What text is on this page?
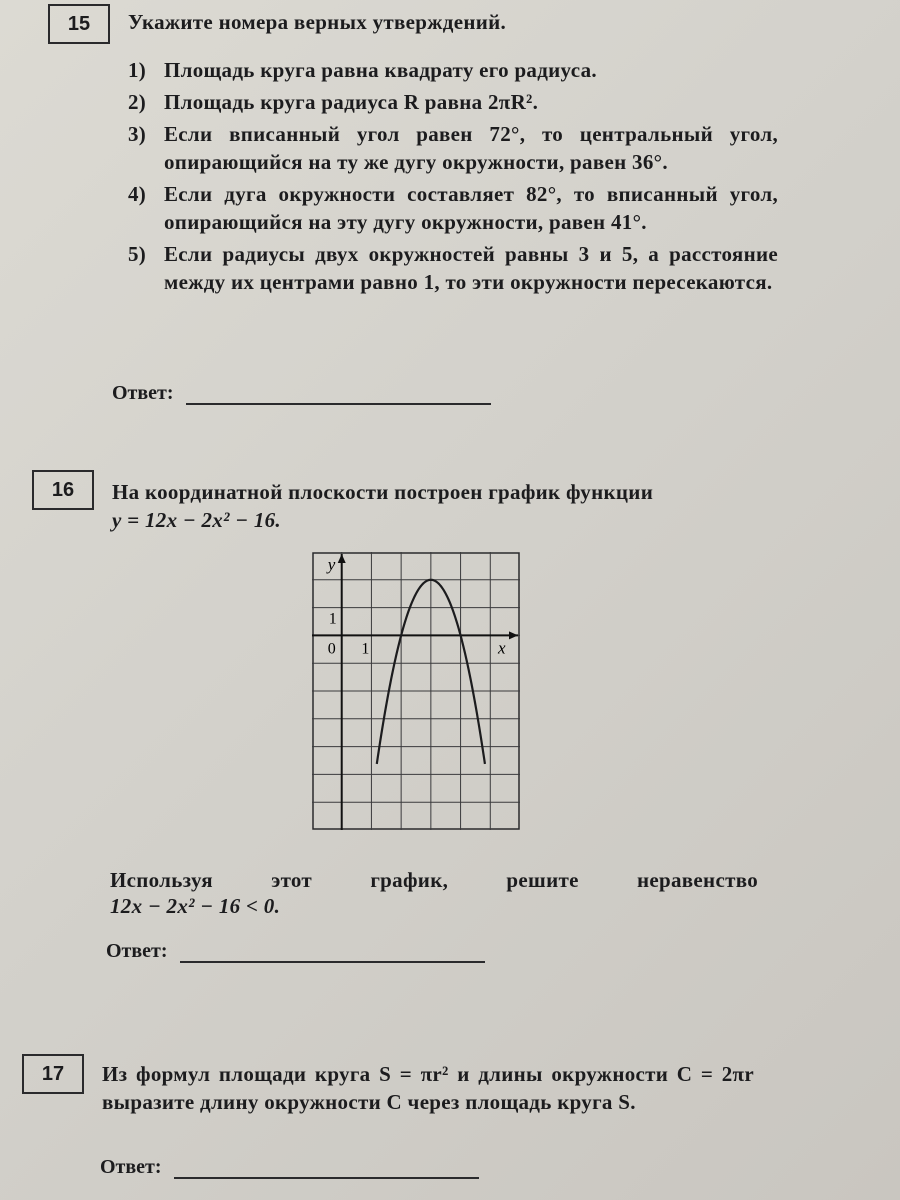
15	Укажите номера верных утверждений.
1) Площадь круга равна квадрату его радиуса.
2) Площадь круга радиуса R равна 2πR².
3) Если вписанный угол равен 72°, то центральный угол, опирающийся на ту же дугу окружности, равен 36°.
4) Если дуга окружности составляет 82°, то вписанный угол, опирающийся на эту дугу окружности, равен 41°.
5) Если радиусы двух окружностей равны 3 и 5, а расстояние между их центрами равно 1, то эти окружности пересекаются.
Ответ:
16	На координатной плоскости построен график функции
y = 12x − 2x² − 16.
y
x
0 1
1
Используя этот график, решите неравенство
12x − 2x² − 16 < 0.
Ответ:
17	Из формул площади круга S = πr² и длины окружности C = 2πr выразите длину окружности C через площадь круга S.
Ответ:
